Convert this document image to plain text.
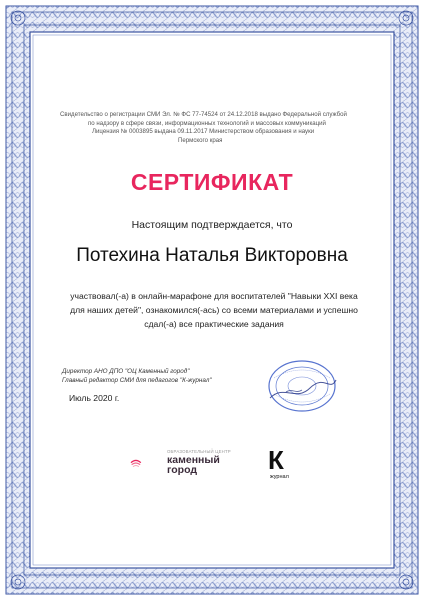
Свидетельство о регистрации СМИ Эл. № ФС 77-74524 от 24.12.2018 выдано Федеральной службой
по надзору в сфере связи, информационных технологий и массовых коммуникаций
Лицензия № 0003895 выдана 09.11.2017 Министерством образования и науки
Пермского края
СЕРТИФИКАТ
Настоящим подтверждается, что
Потехина Наталья Викторовна
участвовал(-а) в онлайн-марафоне для воспитателей "Навыки XXI века
для наших детей", ознакомился(-ась) со всеми материалами и успешно
сдал(-а) все практические задания
Директор АНО ДПО "ОЦ Каменный город"
Главный редактор СМИ для педагогов "К-журнал"
Июль 2020 г.
ОБРАЗОВАТЕЛЬНЫЙ ЦЕНТР
каменный
город	К
журнал
